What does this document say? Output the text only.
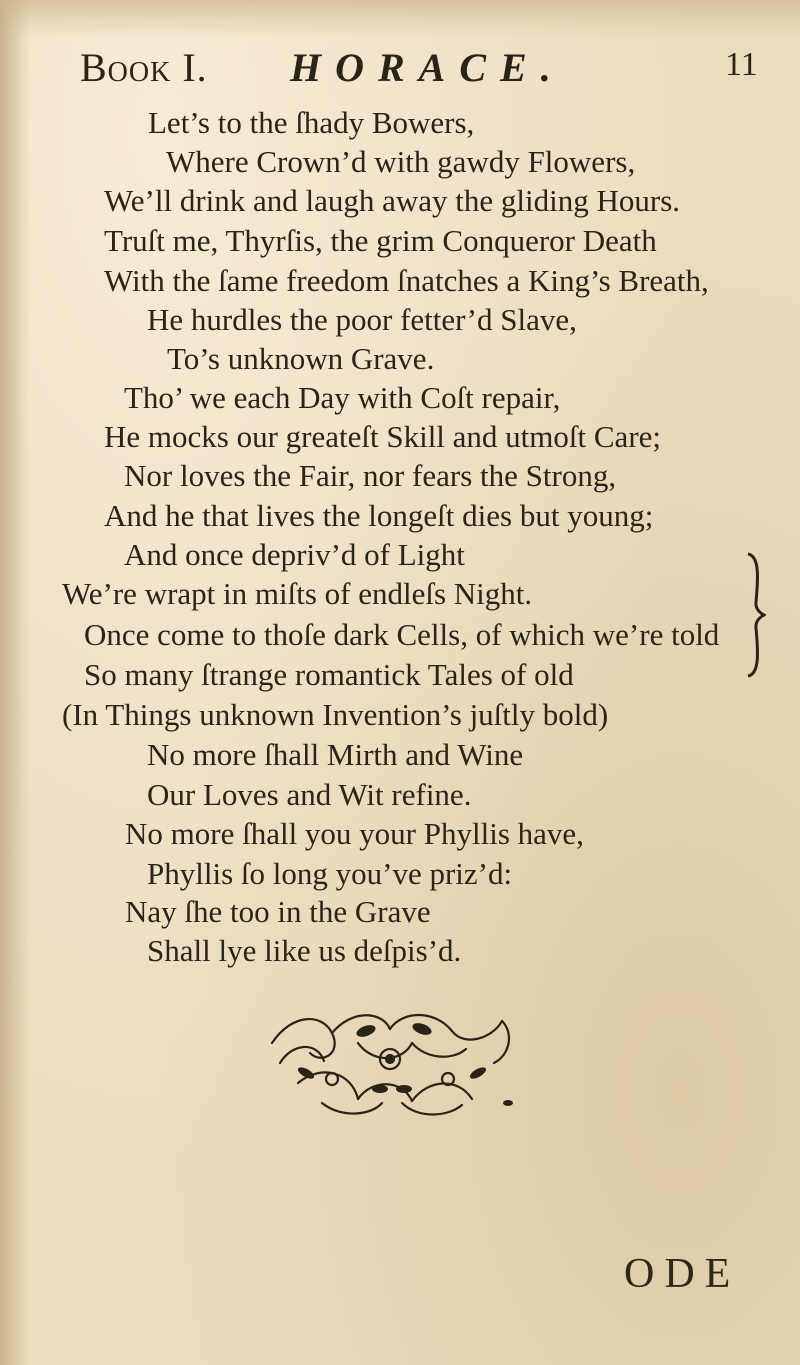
Book I. HORACE.	11
Let’s to the ſhady Bowers,
Where Crown’d with gawdy Flowers,
We’ll drink and laugh away the gliding Hours.
Truſt me, Thyrſis, the grim Conqueror Death
With the ſame freedom ſnatches a King’s Breath,
He hurdles the poor fetter’d Slave,
To’s unknown Grave.
Tho’ we each Day with Coſt repair,
He mocks our greateſt Skill and utmoſt Care;
Nor loves the Fair, nor fears the Strong,
And he that lives the longeſt dies but young;
And once depriv’d of Light
We’re wrapt in miſts of endleſs Night.
Once come to thoſe dark Cells, of which we’re told
So many ſtrange romantick Tales of old
(In Things unknown Invention’s juſtly bold)
No more ſhall Mirth and Wine
Our Loves and Wit refine.
No more ſhall you your Phyllis have,
Phyllis ſo long you’ve priz’d:
Nay ſhe too in the Grave
Shall lye like us deſpis’d.
ODE
